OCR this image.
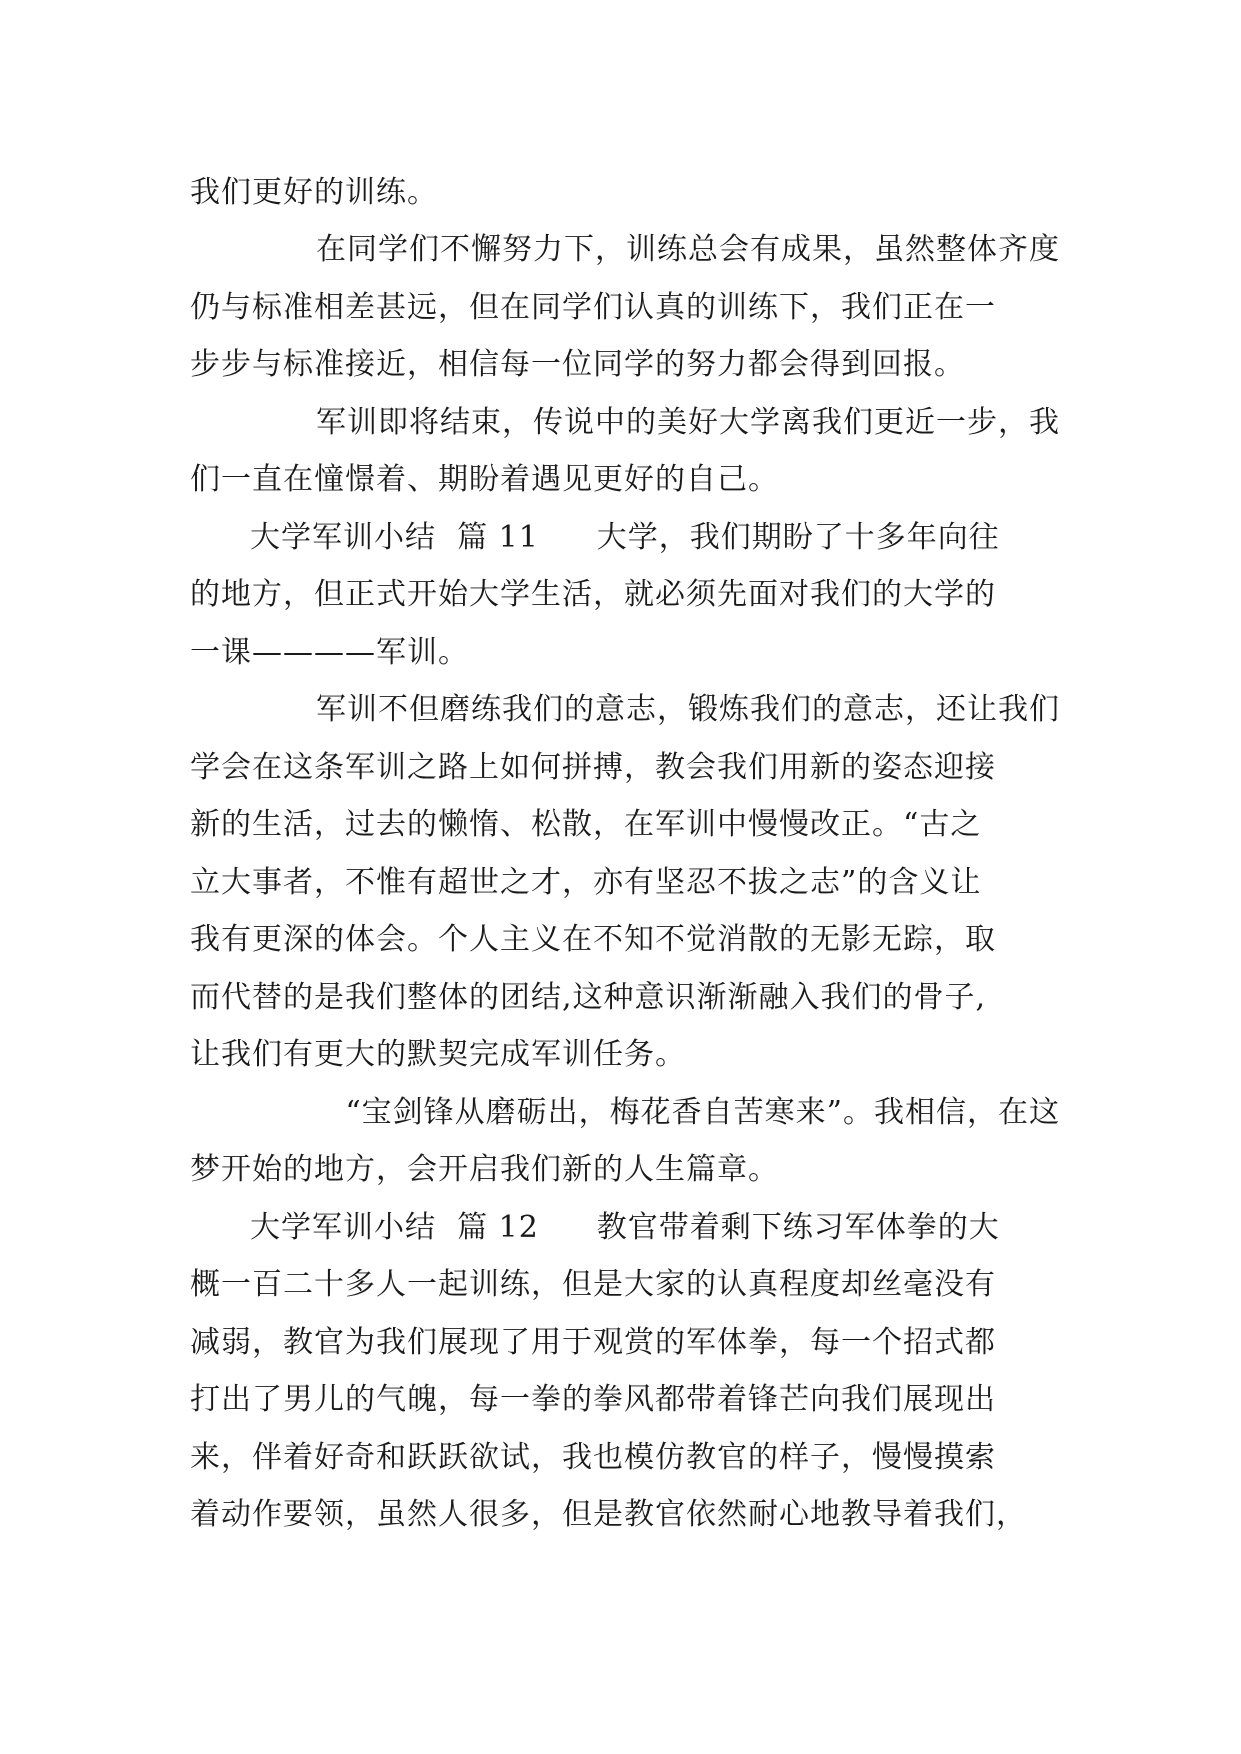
我们更好的训练。
在同学们不懈努力下，训练总会有成果，虽然整体齐度
仍与标准相差甚远，但在同学们认真的训练下，我们正在一
步步与标准接近，相信每一位同学的努力都会得到回报。
军训即将结束，传说中的美好大学离我们更近一步，我
们一直在憧憬着、期盼着遇见更好的自己。
大学军训小结  篇 11 大学，我们期盼了十多年向往
的地方，但正式开始大学生活，就必须先面对我们的大学的
一课————军训。
军训不但磨练我们的意志，锻炼我们的意志，还让我们
学会在这条军训之路上如何拼搏，教会我们用新的姿态迎接
新的生活，过去的懒惰、松散，在军训中慢慢改正。“古之
立大事者，不惟有超世之才，亦有坚忍不拔之志”的含义让
我有更深的体会。个人主义在不知不觉消散的无影无踪，取
而代替的是我们整体的团结,这种意识渐渐融入我们的骨子,
让我们有更大的默契完成军训任务。
“宝剑锋从磨砺出，梅花香自苦寒来”。我相信，在这
梦开始的地方，会开启我们新的人生篇章。
大学军训小结  篇 12 教官带着剩下练习军体拳的大
概一百二十多人一起训练，但是大家的认真程度却丝毫没有
减弱，教官为我们展现了用于观赏的军体拳，每一个招式都
打出了男儿的气魄，每一拳的拳风都带着锋芒向我们展现出
来，伴着好奇和跃跃欲试，我也模仿教官的样子，慢慢摸索
着动作要领，虽然人很多，但是教官依然耐心地教导着我们，
